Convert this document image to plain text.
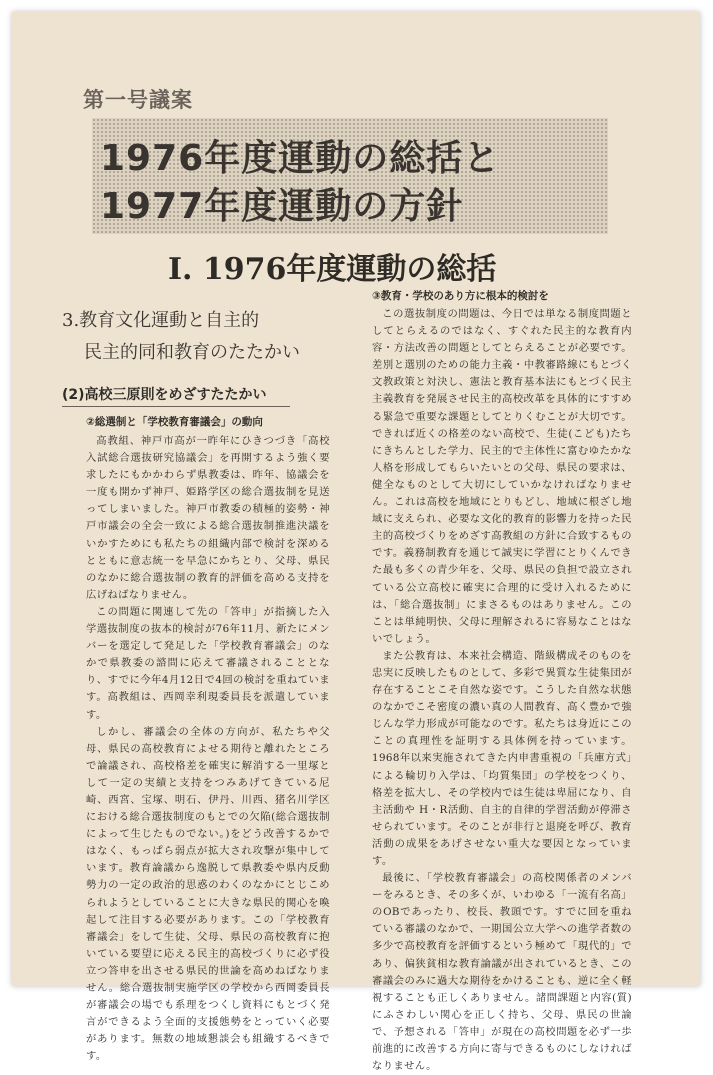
第一号議案
1976年度運動の総括と
1977年度運動の方針
Ⅰ. 1976年度運動の総括
3.教育文化運動と自主的
民主的同和教育のたたかい
(2)高校三原則をめざすたたかい
②総選制と「学校教育審議会」の動向

高教組、神戸市高が一昨年にひきつづき「高校入試総合選抜研究協議会」を再開するよう強く要求したにもかかわらず県教委は、昨年、協議会を一度も開かず神戸、姫路学区の総合選抜制を見送ってしまいました。神戸市教委の積極的姿勢・神戸市議会の全会一致による総合選抜制推進決議をいかすためにも私たちの組織内部で検討を深めるとともに意志統一を早急にかちとり、父母、県民のなかに総合選抜制の教育的評価を高める支持を広げねばなりません。

この問題に関連して先の「答申」が指摘した入学選抜制度の抜本的検討が76年11月、新たにメンバーを選定して発足した「学校教育審議会」のなかで県教委の諮問に応えて審議されることとなり、すでに今年4月12日で4回の検討を重ねています。高教組は、西岡幸利現委員長を派遣しています。

しかし、審議会の全体の方向が、私たちや父母、県民の高校教育によせる期待と離れたところで論議され、高校格差を確実に解消する一里塚として一定の実績と支持をつみあげてきている尼崎、西宮、宝塚、明石、伊丹、川西、猪名川学区における総合選抜制度のもとでの欠陥(総合選抜制によって生じたものでない。)をどう改善するかではなく、もっぱら弱点が拡大され攻撃が集中しています。教育論議から逸脱して県教委や県内反動勢力の一定の政治的思惑のわくのなかにとじこめられようとしていることに大きな県民的関心を喚起して注目する必要があります。この「学校教育審議会」をして生徒、父母、県民の高校教育に抱いている要望に応える民主的高校づくりに必ず役立つ答申を出させる県民的世論を高めねばなりません。総合選抜制実施学区の学校から西岡委員長が審議会の場でも系理をつくし資料にもとづく発言ができるよう全面的支援態勢をとっていく必要があります。無数の地域懇談会も組織するべきです。

③教育・学校のあり方に根本的検討を

この選抜制度の問題は、今日では単なる制度問題としてとらえるのではなく、すぐれた民主的な教育内容・方法改善の問題としてとらえることが必要です。差別と選別のための能力主義・中教審路線にもとづく文教政策と対決し、憲法と教育基本法にもとづく民主主義教育を発展させ民主的高校改革を具体的にすすめる緊急で重要な課題としてとりくむことが大切です。できれば近くの格差のない高校で、生徒(こども)たちにきちんとした学力、民主的で主体性に富むゆたかな人格を形成してもらいたいとの父母、県民の要求は、健全なものとして大切にしていかなければなりません。これは高校を地域にとりもどし、地域に根ざし地域に支えられ、必要な文化的教育的影響力を持った民主的高校づくりをめざす高教組の方針に合致するものです。義務制教育を通じて誠実に学習にとりくんできた最も多くの青少年を、父母、県民の負担で設立されている公立高校に確実に合理的に受け入れるためには、「総合選抜制」にまさるものはありません。このことは単純明快、父母に理解されるに容易なことはないでしょう。

また公教育は、本来社会構造、階級構成そのものを忠実に反映したものとして、多彩で異質な生徒集団が存在することこそ自然な姿です。こうした自然な状態のなかでこそ密度の濃い真の人間教育、高く豊かで強じんな学力形成が可能なのです。私たちは身近にこのことの真理性を証明する具体例を持っています。1968年以来実施されてきた内申書重視の「兵庫方式」による輪切り入学は、「均質集団」の学校をつくり、格差を拡大し、その学校内では生徒は卑屈になり、自主活動や H・R活動、自主的自律的学習活動が停滞させられています。そのことが非行と退廃を呼び、教育活動の成果をあげさせない重大な要因となっています。

最後に、「学校教育審議会」の高校関係者のメンバーをみるとき、その多くが、いわゆる「一流有名高」のOBであったり、校長、教頭です。すでに回を重ねている審議のなかで、一期国公立大学への進学者数の多少で高校教育を評価するという極めて「現代的」であり、偏狭貧相な教育論議が出されているとき、この審議会のみに過大な期待をかけることも、逆に全く軽視することも正しくありません。諸問課題と内容(質)にふさわしい関心を正しく持ち、父母、県民の世論で、予想される「答申」が現在の高校問題を必ず一歩前進的に改善する方向に寄与できるものにしなければなりません。
